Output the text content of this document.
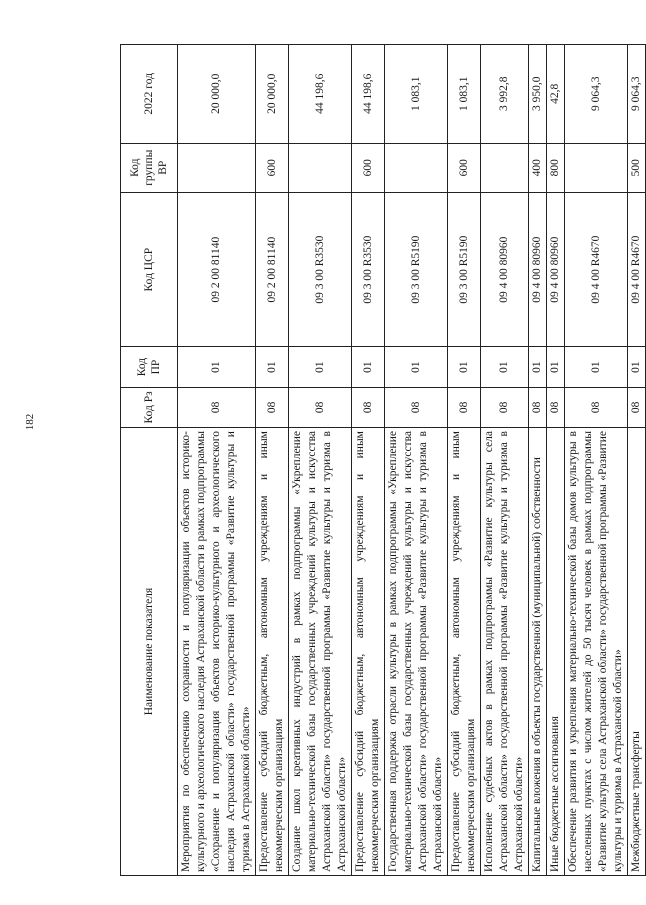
182
Наименование показателя	Код Рз	Код ПР	Код ЦСР	Код группы ВР	2022 год
Мероприятия по обеспечению сохранности и популяризации объектов историко-культурного и археологического наследия Астраханской области в рамках подпрограммы «Сохранение и популяризация объектов историко-культурного и археологического наследия Астраханской области» государственной программы «Развитие культуры и туризма в Астраханской области»	08	01	09 2 00 81140		20 000,0
Предоставление субсидий бюджетным, автономным учреждениям и иным некоммерческим организациям	08	01	09 2 00 81140	600	20 000,0
Создание школ креативных индустрий в рамках подпрограммы «Укрепление материально-технической базы государственных учреждений культуры и искусства Астраханской области» государственной программы «Развитие культуры и туризма в Астраханской области»	08	01	09 3 00 R3530		44 198,6
Предоставление субсидий бюджетным, автономным учреждениям и иным некоммерческим организациям	08	01	09 3 00 R3530	600	44 198,6
Государственная поддержка отрасли культуры в рамках подпрограммы «Укрепление материально-технической базы государственных учреждений культуры и искусства Астраханской области» государственной программы «Развитие культуры и туризма в Астраханской области»	08	01	09 3 00 R5190		1 083,1
Предоставление субсидий бюджетным, автономным учреждениям и иным некоммерческим организациям	08	01	09 3 00 R5190	600	1 083,1
Исполнение судебных актов в рамках подпрограммы «Развитие культуры села Астраханской области» государственной программы «Развитие культуры и туризма в Астраханской области»	08	01	09 4 00 80960		3 992,8
Капитальные вложения в объекты государственной (муниципальной) собственности	08	01	09 4 00 80960	400	3 950,0
Иные бюджетные ассигнования	08	01	09 4 00 80960	800	42,8
Обеспечение развития и укрепления материально-технической базы домов культуры в населенных пунктах с числом жителей до 50 тысяч человек в рамках подпрограммы «Развитие культуры села Астраханской области» государственной программы «Развитие культуры и туризма в Астраханской области»	08	01	09 4 00 R4670		9 064,3
Межбюджетные трансферты	08	01	09 4 00 R4670	500	9 064,3
